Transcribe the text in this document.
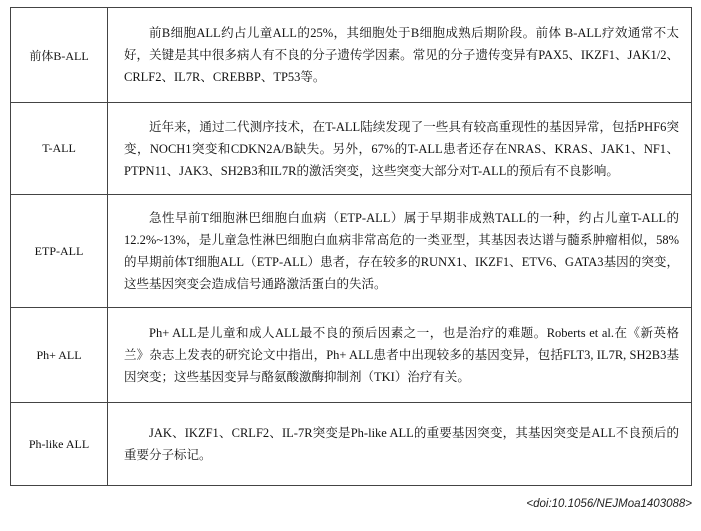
前体B-ALL	前B细胞ALL约占儿童ALL的25%，其细胞处于B细胞成熟后期阶段。前体 B-ALL疗效通常不太好，关键是其中很多病人有不良的分子遗传学因素。常见的分子遗传变异有PAX5、IKZF1、JAK1/2、CRLF2、IL7R、CREBBP、TP53等。
T-ALL	近年来，通过二代测序技术，在T-ALL陆续发现了一些具有较高重现性的基因异常，包括PHF6突变，NOCH1突变和CDKN2A/B缺失。另外，67%的T-ALL患者还存在NRAS、KRAS、JAK1、NF1、PTPN11、JAK3、SH2B3和IL7R的激活突变，这些突变大部分对T-ALL的预后有不良影响。
ETP-ALL	急性早前T细胞淋巴细胞白血病（ETP-ALL）属于早期非成熟TALL的一种，约占儿童T-ALL的12.2%~13%，是儿童急性淋巴细胞白血病非常高危的一类亚型，其基因表达谱与髓系肿瘤相似，58%的早期前体T细胞ALL（ETP-ALL）患者，存在较多的RUNX1、IKZF1、ETV6、GATA3基因的突变，这些基因突变会造成信号通路激活蛋白的失活。
Ph+ ALL	Ph+ ALL是儿童和成人ALL最不良的预后因素之一，也是治疗的难题。Roberts et al.在《新英格兰》杂志上发表的研究论文中指出，Ph+ ALL患者中出现较多的基因变异，包括FLT3, IL7R, SH2B3基因突变；这些基因变异与酪氨酸激酶抑制剂（TKI）治疗有关。
Ph-like ALL	JAK、IKZF1、CRLF2、IL-7R突变是Ph-like ALL的重要基因突变，其基因突变是ALL不良预后的重要分子标记。
<doi:10.1056/NEJMoa1403088>
